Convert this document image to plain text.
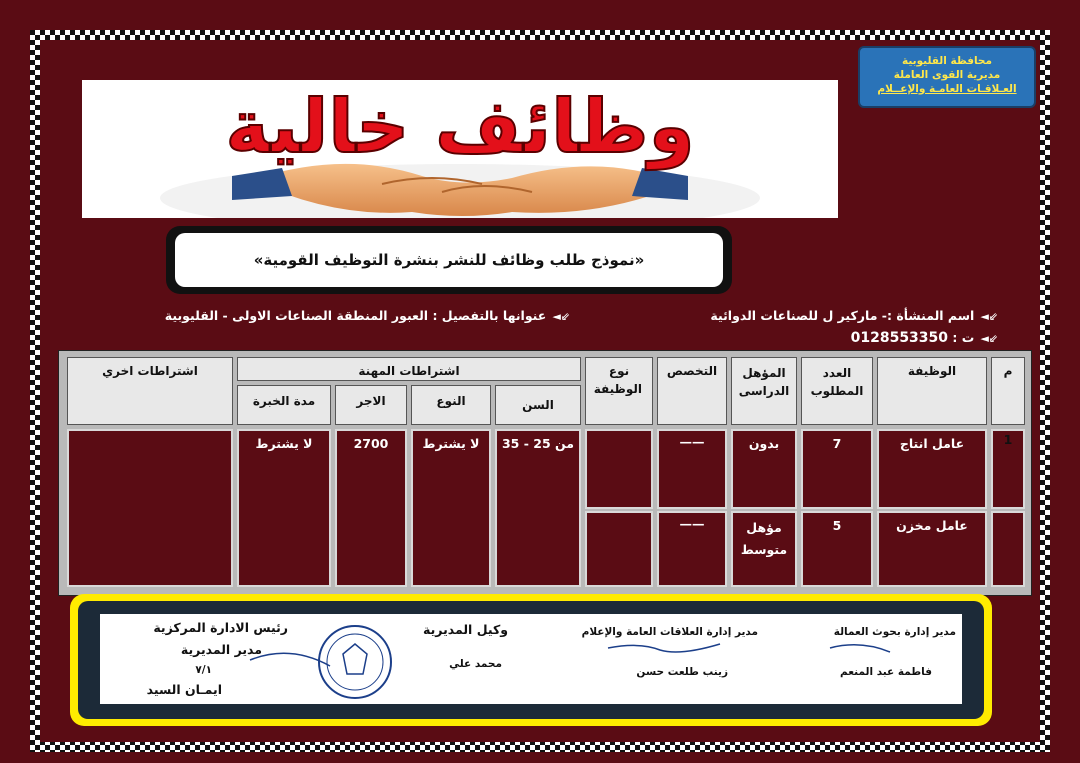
محافظة القليوبية
مديرية القوى العاملة
العـلاقـات العامـة والإعــلام
وظائف خالية
«نموذج طلب وظائف للنشر بنشرة التوظيف القومية»
⇙◄اسم المنشأة :- ماركير ل للصناعات الدوائية
⇙◄ت : 0128553350
⇙◄عنوانها بالتفصيل : العبور المنطقة الصناعات الاولى - القليوبية
م
الوظيفة
العدد المطلوب
المؤهل الدراسى
التخصص
نوع الوظيفة
اشتراطات المهنة
السن
النوع
الاجر
مدة الخبرة
اشتراطات اخري
1
عامل انتاج
7
بدون
——
من 25 - 35
لا يشترط
2700
لا يشترط
عامل مخزن
5
مؤهل متوسط
——
مدير إدارة بحوث العمالة
فاطمة عبد المنعم
مدير إدارة العلاقات العامة والإعلام
زينب طلعت حسن
وكيل المديرية
محمد علي
رئيس الادارة المركزية
مدير المديرية
٧/١
ايمـان السيد
